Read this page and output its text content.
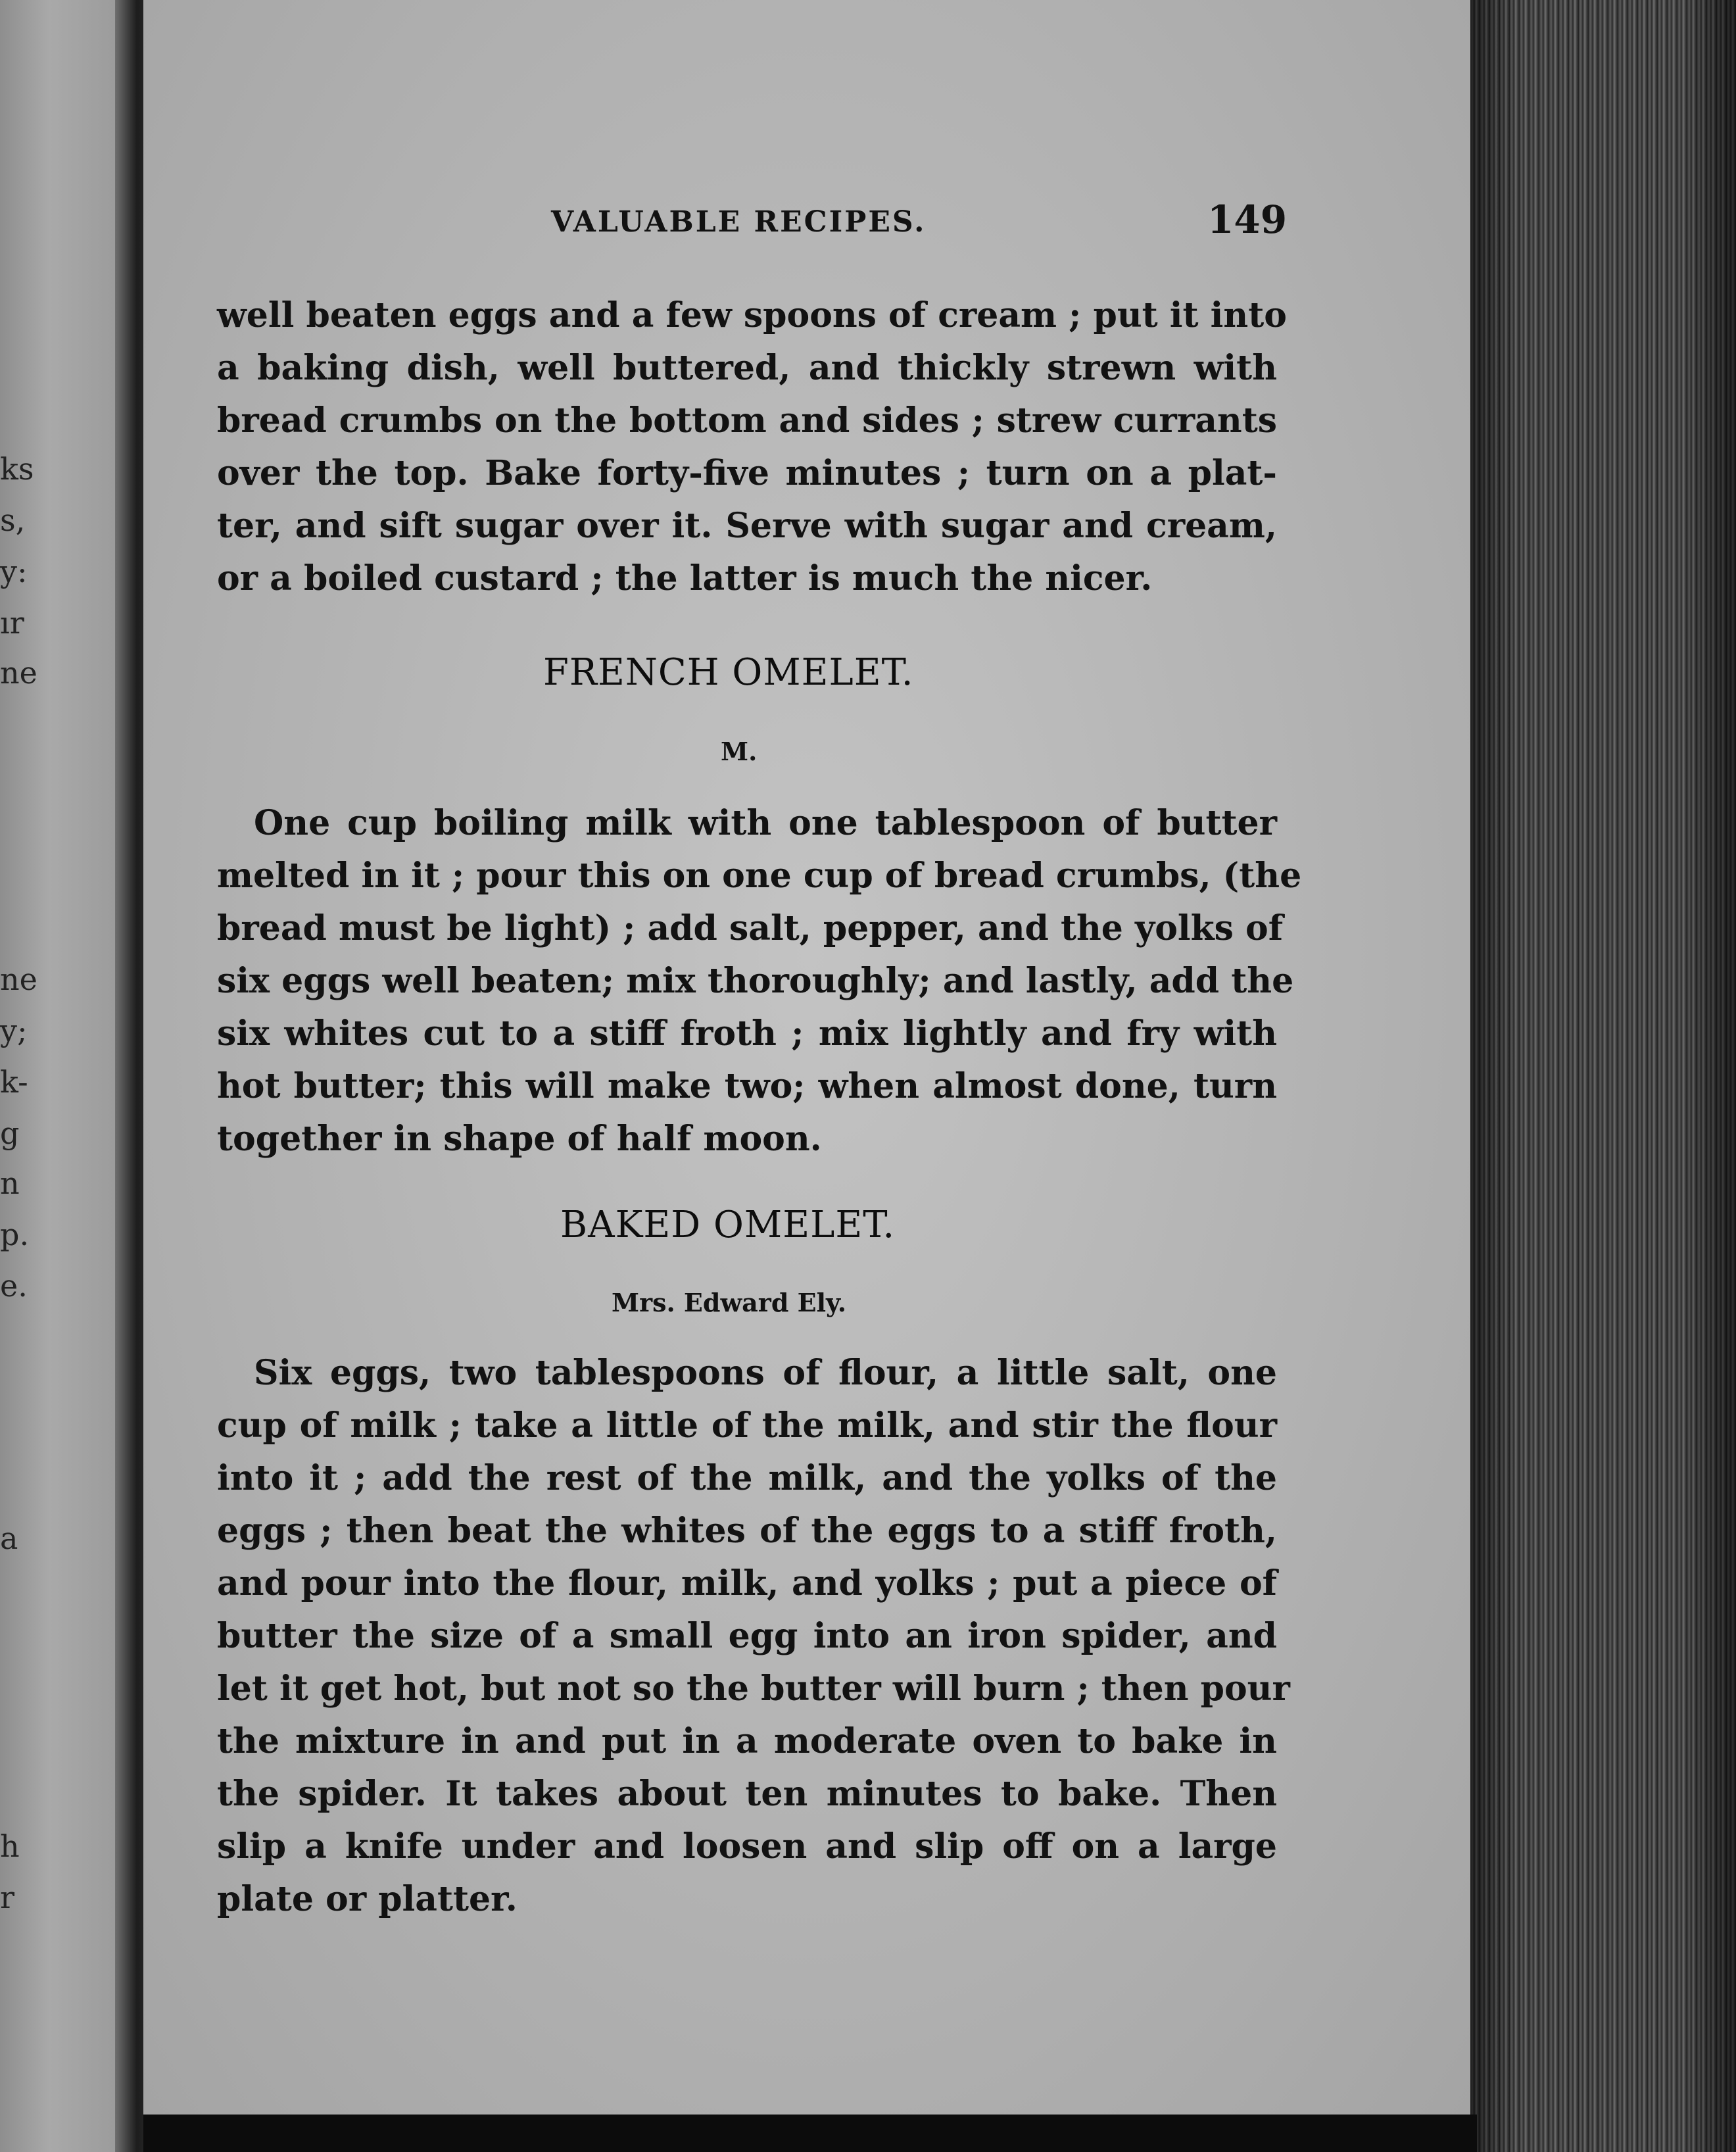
ks
s,
y:
ır
ne
ne
y;
k-
g
n
p.
e.
a
h
r
VALUABLE RECIPES.	149
well beaten eggs and a few spoons of cream ; put it into
a baking dish, well buttered, and thickly strewn with
bread crumbs on the bottom and sides ; strew currants
over the top. Bake forty-five minutes ; turn on a plat-
ter, and sift sugar over it. Serve with sugar and cream,
or a boiled custard ; the latter is much the nicer.
FRENCH OMELET.
M.
One cup boiling milk with one tablespoon of butter
melted in it ; pour this on one cup of bread crumbs, (the
bread must be light) ; add salt, pepper, and the yolks of
six eggs well beaten; mix thoroughly; and lastly, add the
six whites cut to a stiff froth ; mix lightly and fry with
hot butter; this will make two; when almost done, turn
together in shape of half moon.
BAKED OMELET.
Mrs. Edward Ely.
Six eggs, two tablespoons of flour, a little salt, one
cup of milk ; take a little of the milk, and stir the flour
into it ; add the rest of the milk, and the yolks of the
eggs ; then beat the whites of the eggs to a stiff froth,
and pour into the flour, milk, and yolks ; put a piece of
butter the size of a small egg into an iron spider, and
let it get hot, but not so the butter will burn ; then pour
the mixture in and put in a moderate oven to bake in
the spider. It takes about ten minutes to bake. Then
slip a knife under and loosen and slip off on a large
plate or platter.
